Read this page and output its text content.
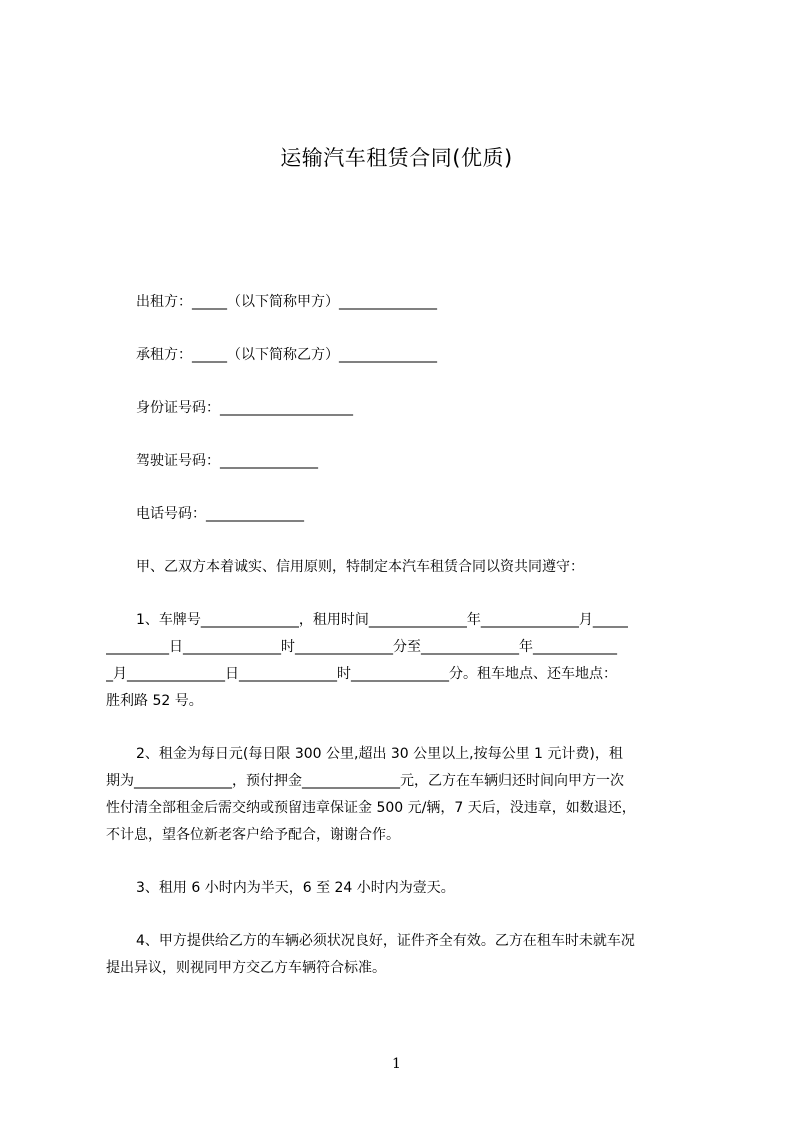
运输汽车租赁合同(优质)
出租方：_____（以下简称甲方）______________
承租方：_____（以下简称乙方）______________
身份证号码：___________________
驾驶证号码：______________
电话号码：______________
甲、乙双方本着诚实、信用原则，特制定本汽车租赁合同以资共同遵守：
1、车牌号______________，租用时间______________年______________月_____
_________日______________时______________分至______________年____________
_月______________日______________时______________分。租车地点、还车地点：
胜利路 52 号。
2、租金为每日元(每日限 300 公里,超出 30 公里以上,按每公里 1 元计费)，租
期为______________，预付押金______________元，乙方在车辆归还时间向甲方一次
性付清全部租金后需交纳或预留违章保证金 500 元/辆，7 天后，没违章，如数退还，
不计息，望各位新老客户给予配合，谢谢合作。
3、租用 6 小时内为半天，6 至 24 小时内为壹天。
4、甲方提供给乙方的车辆必须状况良好，证件齐全有效。乙方在租车时未就车况
提出异议，则视同甲方交乙方车辆符合标准。
1
